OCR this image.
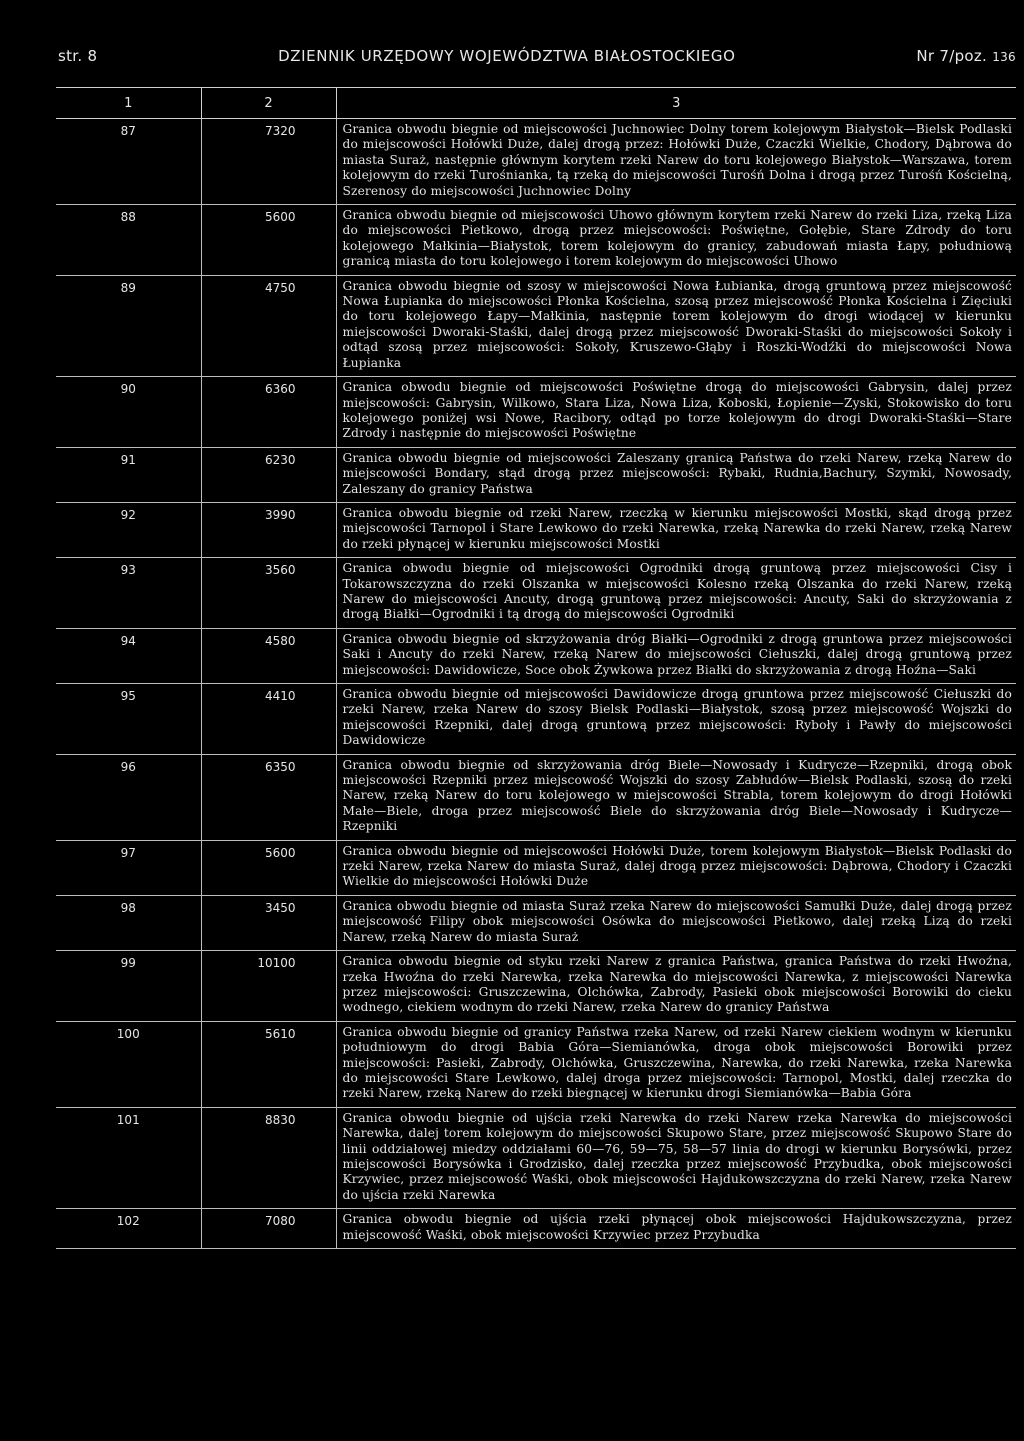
str. 8	DZIENNIK URZĘDOWY WOJEWÓDZTWA BIAŁOSTOCKIEGO	Nr 7/poz. 136
1	2	3
87	7320	Granica obwodu biegnie od miejscowości Juchnowiec Dolny torem kolejowym Białystok—Bielsk Podlaski do miejscowości Hołówki Duże, dalej drogą przez: Hołówki Duże, Czaczki Wielkie, Chodory, Dąbrowa do miasta Suraż, następnie głównym korytem rzeki Narew do toru kolejowego Białystok—Warszawa, torem kolejowym do rzeki Turośnianka, tą rzeką do miejscowości Turośń Dolna i drogą przez Turośń Kościelną, Szerenosy do miejscowości Juchnowiec Dolny
88	5600	Granica obwodu biegnie od miejscowości Uhowo głównym korytem rzeki Narew do rzeki Liza, rzeką Liza do miejscowości Pietkowo, drogą przez miejscowości: Poświętne, Gołębie, Stare Zdrody do toru kolejowego Małkinia—Białystok, torem kolejowym do granicy, zabudowań miasta Łapy, południową granicą miasta do toru kolejowego i torem kolejowym do miejscowości Uhowo
89	4750	Granica obwodu biegnie od szosy w miejscowości Nowa Łubianka, drogą gruntową przez miejscowość Nowa Łupianka do miejscowości Płonka Kościelna, szosą przez miejscowość Płonka Kościelna i Zięciuki do toru kolejowego Łapy—Małkinia, następnie torem kolejowym do drogi wiodącej w kierunku miejscowości Dworaki-Staśki, dalej drogą przez miejscowość Dworaki-Staśki do miejscowości Sokoły i odtąd szosą przez miejscowości: Sokoły, Kruszewo-Głąby i Roszki-Wodźki do miejscowości Nowa Łupianka
90	6360	Granica obwodu biegnie od miejscowości Poświętne drogą do miejscowości Gabrysin, dalej przez miejscowości: Gabrysin, Wilkowo, Stara Liza, Nowa Liza, Koboski, Łopienie—Zyski, Stokowisko do toru kolejowego poniżej wsi Nowe, Racibory, odtąd po torze kolejowym do drogi Dworaki-Staśki—Stare Zdrody i następnie do miejscowości Poświętne
91	6230	Granica obwodu biegnie od miejscowości Zaleszany granicą Państwa do rzeki Narew, rzeką Narew do miejscowości Bondary, stąd drogą przez miejscowości: Rybaki, Rudnia,Bachury, Szymki, Nowosady, Zaleszany do granicy Państwa
92	3990	Granica obwodu biegnie od rzeki Narew, rzeczką w kierunku miejscowości Mostki, skąd drogą przez miejscowości Tarnopol i Stare Lewkowo do rzeki Narewka, rzeką Narewka do rzeki Narew, rzeką Narew do rzeki płynącej w kierunku miejscowości Mostki
93	3560	Granica obwodu biegnie od miejscowości Ogrodniki drogą gruntową przez miejscowości Cisy i Tokarowszczyzna do rzeki Olszanka w miejscowości Kolesno rzeką Olszanka do rzeki Narew, rzeką Narew do miejscowości Ancuty, drogą gruntową przez miejscowości: Ancuty, Saki do skrzyżowania z drogą Białki—Ogrodniki i tą drogą do miejscowości Ogrodniki
94	4580	Granica obwodu biegnie od skrzyżowania dróg Białki—Ogrodniki z drogą gruntowa przez miejscowości Saki i Ancuty do rzeki Narew, rzeką Narew do miejscowości Ciełuszki, dalej drogą gruntową przez miejscowości: Dawidowicze, Soce obok Żywkowa przez Białki do skrzyżowania z drogą Hoźna—Saki
95	4410	Granica obwodu biegnie od miejscowości Dawidowicze drogą gruntowa przez miejscowość Ciełuszki do rzeki Narew, rzeka Narew do szosy Bielsk Podlaski—Białystok, szosą przez miejscowość Wojszki do miejscowości Rzepniki, dalej drogą gruntową przez miejscowości: Ryboły i Pawły do miejscowości Dawidowicze
96	6350	Granica obwodu biegnie od skrzyżowania dróg Biele—Nowosady i Kudrycze—Rzepniki, drogą obok miejscowości Rzepniki przez miejscowość Wojszki do szosy Zabłudów—Bielsk Podlaski, szosą do rzeki Narew, rzeką Narew do toru kolejowego w miejscowości Strabla, torem kolejowym do drogi Hołówki Małe—Biele, droga przez miejscowość Biele do skrzyżowania dróg Biele—Nowosady i Kudrycze—Rzepniki
97	5600	Granica obwodu biegnie od miejscowości Hołówki Duże, torem kolejowym Białystok—Bielsk Podlaski do rzeki Narew, rzeka Narew do miasta Suraż, dalej drogą przez miejscowości: Dąbrowa, Chodory i Czaczki Wielkie do miejscowości Hołówki Duże
98	3450	Granica obwodu biegnie od miasta Suraż rzeka Narew do miejscowości Samułki Duże, dalej drogą przez miejscowość Filipy obok miejscowości Osówka do miejscowości Pietkowo, dalej rzeką Lizą do rzeki Narew, rzeką Narew do miasta Suraż
99	10100	Granica obwodu biegnie od styku rzeki Narew z granica Państwa, granica Państwa do rzeki Hwoźna, rzeka Hwoźna do rzeki Narewka, rzeka Narewka do miejscowości Narewka, z miejscowości Narewka przez miejscowości: Gruszczewina, Olchówka, Zabrody, Pasieki obok miejscowości Borowiki do cieku wodnego, ciekiem wodnym do rzeki Narew, rzeka Narew do granicy Państwa
100	5610	Granica obwodu biegnie od granicy Państwa rzeka Narew, od rzeki Narew ciekiem wodnym w kierunku południowym do drogi Babia Góra—Siemianówka, droga obok miejscowości Borowiki przez miejscowości: Pasieki, Zabrody, Olchówka, Gruszczewina, Narewka, do rzeki Narewka, rzeka Narewka do miejscowości Stare Lewkowo, dalej droga przez miejscowości: Tarnopol, Mostki, dalej rzeczka do rzeki Narew, rzeką Narew do rzeki biegnącej w kierunku drogi Siemianówka—Babia Góra
101	8830	Granica obwodu biegnie od ujścia rzeki Narewka do rzeki Narew rzeka Narewka do miejscowości Narewka, dalej torem kolejowym do miejscowości Skupowo Stare, przez miejscowość Skupowo Stare do linii oddziałowej miedzy oddziałami 60—76, 59—75, 58—57 linia do drogi w kierunku Borysówki, przez miejscowości Borysówka i Grodzisko, dalej rzeczka przez miejscowość Przybudka, obok miejscowości Krzywiec, przez miejscowość Waśki, obok miejscowości Hajdukowszczyzna do rzeki Narew, rzeka Narew do ujścia rzeki Narewka
102	7080	Granica obwodu biegnie od ujścia rzeki płynącej obok miejscowości Hajdukowszczyzna, przez miejscowość Waśki, obok miejscowości Krzywiec przez Przybudka
